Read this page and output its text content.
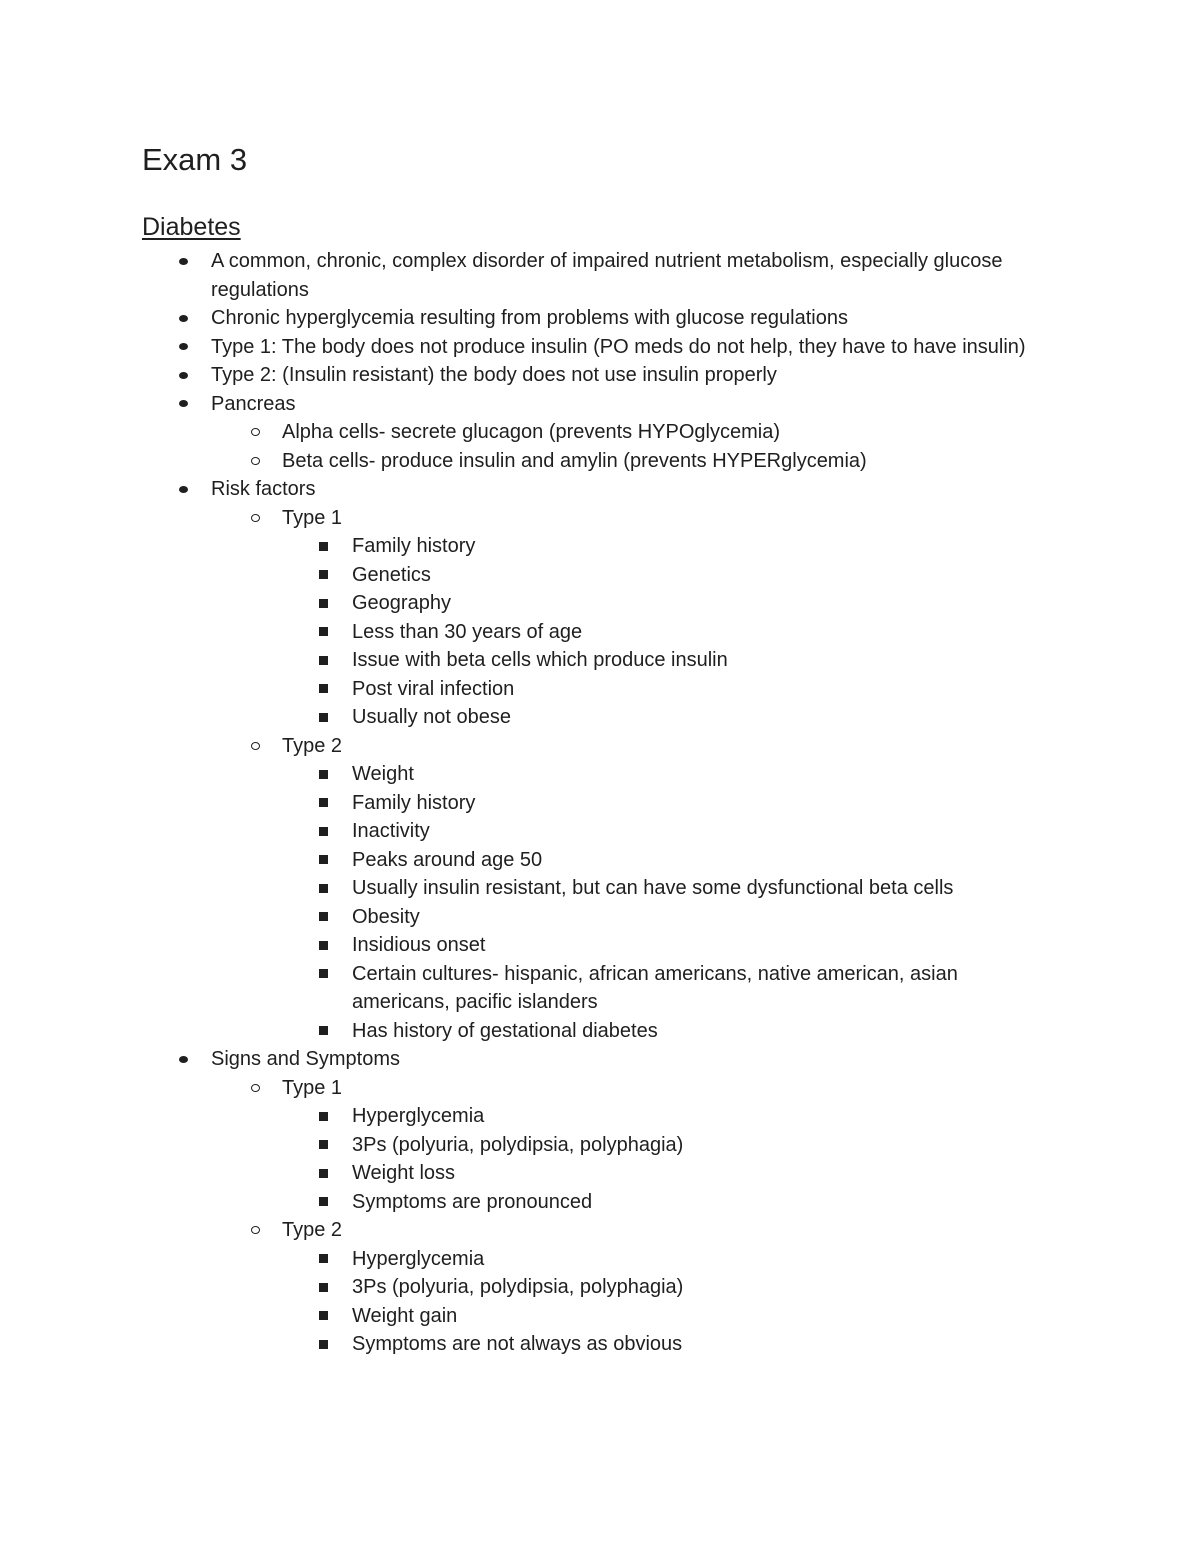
Exam 3
Diabetes
A common, chronic, complex disorder of impaired nutrient metabolism, especially glucose regulations
Chronic hyperglycemia resulting from problems with glucose regulations
Type 1: The body does not produce insulin (PO meds do not help, they have to have insulin)
Type 2: (Insulin resistant) the body does not use insulin properly
Pancreas
Alpha cells- secrete glucagon (prevents HYPOglycemia)
Beta cells- produce insulin and amylin (prevents HYPERglycemia)
Risk factors
Type 1
Family history
Genetics
Geography
Less than 30 years of age
Issue with beta cells which produce insulin
Post viral infection
Usually not obese
Type 2
Weight
Family history
Inactivity
Peaks around age 50
Usually insulin resistant, but can have some dysfunctional beta cells
Obesity
Insidious onset
Certain cultures- hispanic, african americans, native american, asian americans, pacific islanders
Has history of gestational diabetes
Signs and Symptoms
Type 1
Hyperglycemia
3Ps (polyuria, polydipsia, polyphagia)
Weight loss
Symptoms are pronounced
Type 2
Hyperglycemia
3Ps (polyuria, polydipsia, polyphagia)
Weight gain
Symptoms are not always as obvious
